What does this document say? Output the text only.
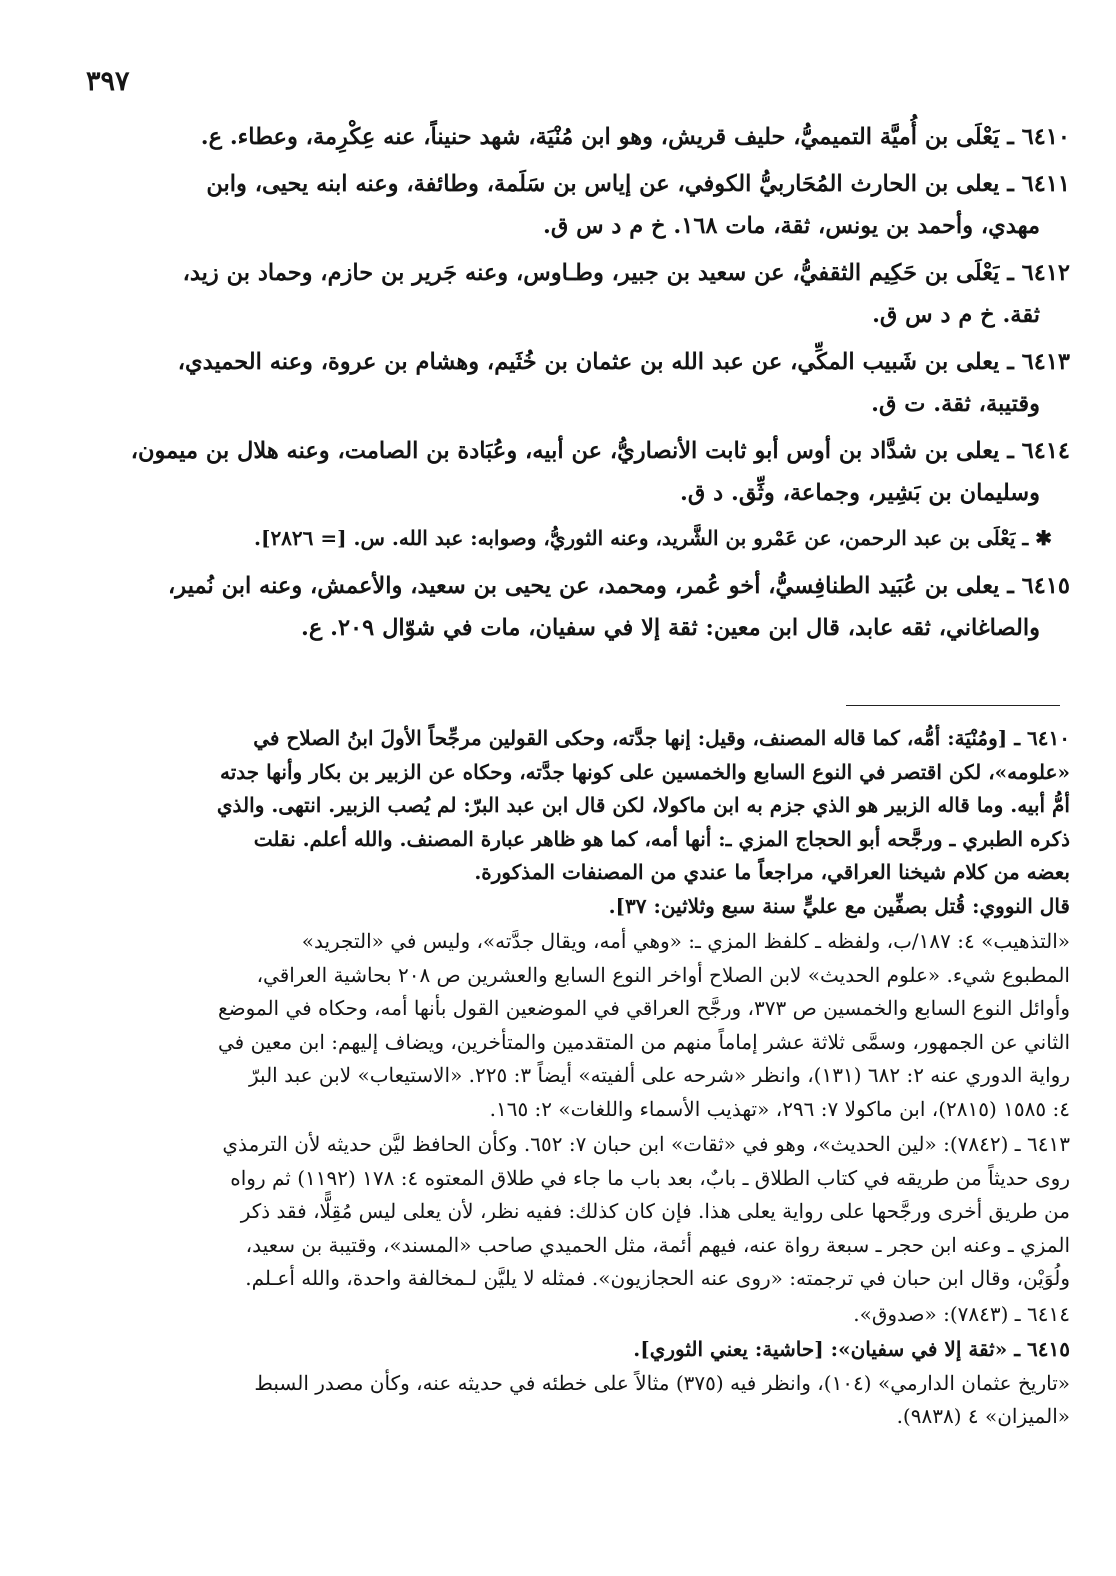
٣٩٧
٦٤١٠ ـ يَعْلَى بن أُميَّة التميميُّ، حليف قريش، وهو ابن مُنْيَة، شهد حنيناً، عنه عِكْرِمة، وعطاء. ع.
٦٤١١ ـ يعلى بن الحارث المُحَاربيُّ الكوفي، عن إياس بن سَلَمة، وطائفة، وعنه ابنه يحيى، وابن
مهدي، وأحمد بن يونس، ثقة، مات ١٦٨. خ م د س ق.
٦٤١٢ ـ يَعْلَى بن حَكِيم الثقفيُّ، عن سعيد بن جبير، وطـاوس، وعنه جَرير بن حازم، وحماد بن زيد،
ثقة. خ م د س ق.
٦٤١٣ ـ يعلى بن شَبيب المكِّي، عن عبد الله بن عثمان بن خُثَيم، وهشام بن عروة، وعنه الحميدي،
وقتيبة، ثقة. ت ق.
٦٤١٤ ـ يعلى بن شدَّاد بن أوس أبو ثابت الأنصاريُّ، عن أبيه، وعُبَادة بن الصامت، وعنه هلال بن ميمون،
وسليمان بن بَشِير، وجماعة، وثِّق. د ق.
✱ ـ يَعْلَى بن عبد الرحمن، عن عَمْرو بن الشَّريد، وعنه الثوريُّ، وصوابه: عبد الله. س. [= ٢٨٢٦].
٦٤١٥ ـ يعلى بن عُبَيد الطنافِسيُّ، أخو عُمر، ومحمد، عن يحيى بن سعيد، والأعمش، وعنه ابن نُمير،
والصاغاني، ثقه عابد، قال ابن معين: ثقة إلا في سفيان، مات في شوّال ٢٠٩. ع.
٦٤١٠ ـ [ومُنْيَة: أمُّه، كما قاله المصنف، وقيل: إنها جدَّته، وحكى القولين مرجِّحاً الأولَ ابنُ الصلاح في
«علومه»، لكن اقتصر في النوع السابع والخمسين على كونها جدَّته، وحكاه عن الزبير بن بكار وأنها جدته
أمُّ أبيه. وما قاله الزبير هو الذي جزم به ابن ماكولا، لكن قال ابن عبد البرّ: لم يُصب الزبير. انتهى. والذي
ذكره الطبري ـ ورجَّحه أبو الحجاج المزي ـ: أنها أمه، كما هو ظاهر عبارة المصنف. والله أعلم. نقلت
بعضه من كلام شيخنا العراقي، مراجعاً ما عندي من المصنفات المذكورة.
قال النووي: قُتل بصفِّين مع عليٍّ سنة سبع وثلاثين: ٣٧].
«التذهيب» ٤: ١٨٧/ب، ولفظه ـ كلفظ المزي ـ: «وهي أمه، ويقال جدَّته»، وليس في «التجريد»
المطبوع شيء. «علوم الحديث» لابن الصلاح أواخر النوع السابع والعشرين ص ٢٠٨ بحاشية العراقي،
وأوائل النوع السابع والخمسين ص ٣٧٣، ورجَّح العراقي في الموضعين القول بأنها أمه، وحكاه في الموضع
الثاني عن الجمهور، وسمَّى ثلاثة عشر إماماً منهم من المتقدمين والمتأخرين، ويضاف إليهم: ابن معين في
رواية الدوري عنه ٢: ٦٨٢ (١٣١)، وانظر «شرحه على ألفيته» أيضاً ٣: ٢٢٥. «الاستيعاب» لابن عبد البرّ
٤: ١٥٨٥ (٢٨١٥)، ابن ماكولا ٧: ٢٩٦، «تهذيب الأسماء واللغات» ٢: ١٦٥.
٦٤١٣ ـ (٧٨٤٢): «لين الحديث»، وهو في «ثقات» ابن حبان ٧: ٦٥٢. وكأن الحافظ ليَّن حديثه لأن الترمذي
روى حديثاً من طريقه في كتاب الطلاق ـ بابٌ، بعد باب ما جاء في طلاق المعتوه ٤: ١٧٨ (١١٩٢) ثم رواه
من طريق أخرى ورجَّحها على رواية يعلى هذا. فإن كان كذلك: ففيه نظر، لأن يعلى ليس مُقِلًّا، فقد ذكر
المزي ـ وعنه ابن حجر ـ سبعة رواة عنه، فيهم أئمة، مثل الحميدي صاحب «المسند»، وقتيبة بن سعيد،
ولُوَيْن، وقال ابن حبان في ترجمته: «روى عنه الحجازيون». فمثله لا يليَّن لـمخالفة واحدة، والله أعـلم.
٦٤١٤ ـ (٧٨٤٣): «صدوق».
٦٤١٥ ـ «ثقة إلا في سفيان»: [حاشية: يعني الثوري].
«تاريخ عثمان الدارمي» (١٠٤)، وانظر فيه (٣٧٥) مثالاً على خطئه في حديثه عنه، وكأن مصدر السبط
«الميزان» ٤ (٩٨٣٨).
